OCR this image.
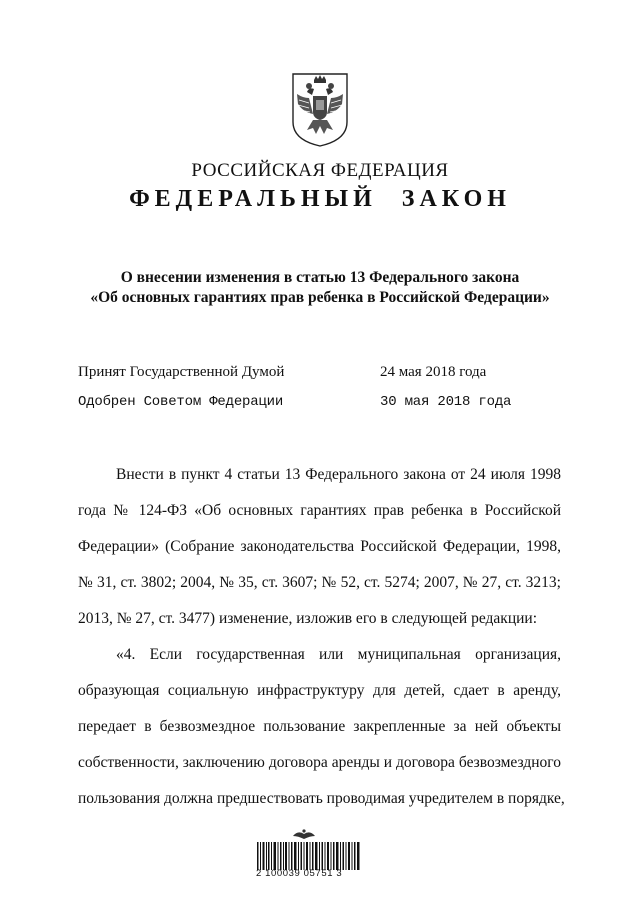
РОССИЙСКАЯ ФЕДЕРАЦИЯ
ФЕДЕРАЛЬНЫЙ ЗАКОН
О внесении изменения в статью 13 Федерального закона
«Об основных гарантиях прав ребенка в Российской Федерации»
Принят Государственной Думой	24 мая 2018 года
Одобрен Советом Федерации	30 мая 2018 года
Внести в пункт 4 статьи 13 Федерального закона от 24 июля 1998
года № 124-ФЗ «Об основных гарантиях прав ребенка в Российской
Федерации» (Собрание законодательства Российской Федерации, 1998,
№ 31, ст. 3802; 2004, № 35, ст. 3607; № 52, ст. 5274; 2007, № 27, ст. 3213;
2013, № 27, ст. 3477) изменение, изложив его в следующей редакции:
«4. Если государственная или муниципальная организация,
образующая социальную инфраструктуру для детей, сдает в аренду,
передает в безвозмездное пользование закрепленные за ней объекты
собственности, заключению договора аренды и договора безвозмездного
пользования должна предшествовать проводимая учредителем в порядке,
2 100039 05751 3
